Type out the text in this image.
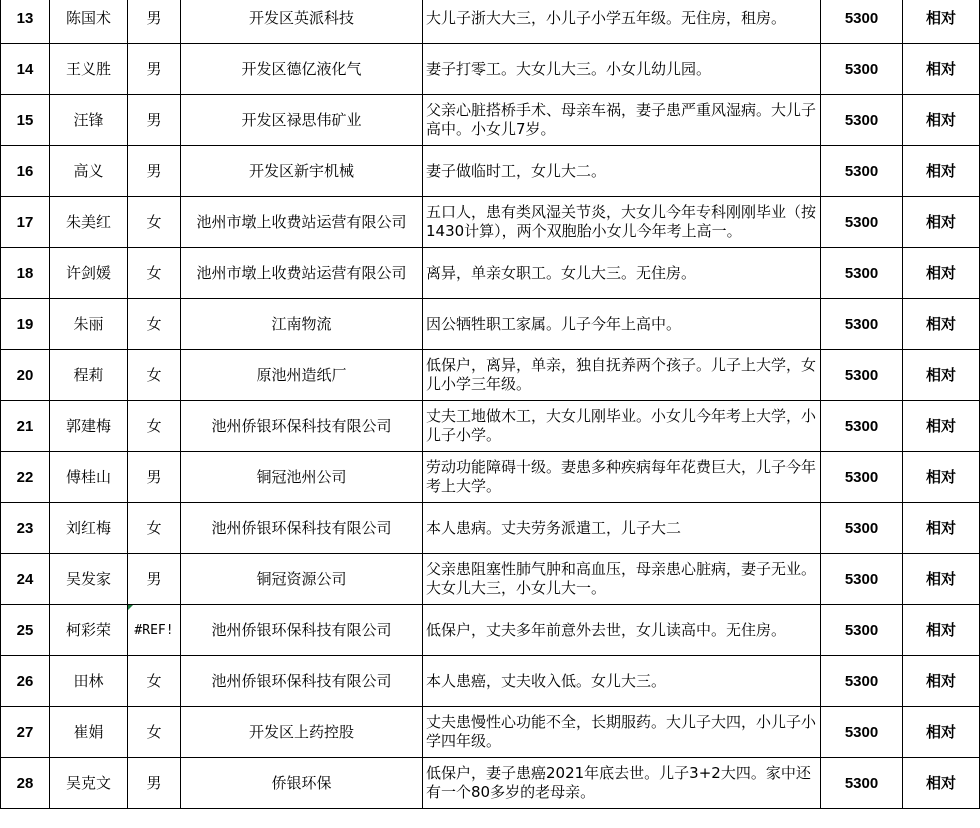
13	陈国术	男	开发区英派科技	大儿子浙大大三，小儿子小学五年级。无住房，租房。	5300	相对
14	王义胜	男	开发区德亿液化气	妻子打零工。大女儿大三。小女儿幼儿园。	5300	相对
15	汪锋	男	开发区禄思伟矿业	父亲心脏搭桥手术、母亲车祸，妻子患严重风湿病。大儿子高中。小女儿7岁。	5300	相对
16	高义	男	开发区新宇机械	妻子做临时工，女儿大二。	5300	相对
17	朱美红	女	池州市墩上收费站运营有限公司	五口人，患有类风湿关节炎，大女儿今年专科刚刚毕业（按1430计算），两个双胞胎小女儿今年考上高一。	5300	相对
18	许剑媛	女	池州市墩上收费站运营有限公司	离异，单亲女职工。女儿大三。无住房。	5300	相对
19	朱丽	女	江南物流	因公牺牲职工家属。儿子今年上高中。	5300	相对
20	程莉	女	原池州造纸厂	低保户，离异，单亲，独自抚养两个孩子。儿子上大学，女儿小学三年级。	5300	相对
21	郭建梅	女	池州侨银环保科技有限公司	丈夫工地做木工，大女儿刚毕业。小女儿今年考上大学，小儿子小学。	5300	相对
22	傅桂山	男	铜冠池州公司	劳动功能障碍十级。妻患多种疾病每年花费巨大，儿子今年考上大学。	5300	相对
23	刘红梅	女	池州侨银环保科技有限公司	本人患病。丈夫劳务派遣工，儿子大二	5300	相对
24	吴发家	男	铜冠资源公司	父亲患阻塞性肺气肿和高血压，母亲患心脏病，妻子无业。大女儿大三，小女儿大一。	5300	相对
25	柯彩荣	#REF!	池州侨银环保科技有限公司	低保户，丈夫多年前意外去世，女儿读高中。无住房。	5300	相对
26	田林	女	池州侨银环保科技有限公司	本人患癌，丈夫收入低。女儿大三。	5300	相对
27	崔娟	女	开发区上药控股	丈夫患慢性心功能不全，长期服药。大儿子大四，小儿子小学四年级。	5300	相对
28	吴克文	男	侨银环保	低保户，妻子患癌2021年底去世。儿子3+2大四。家中还有一个80多岁的老母亲。	5300	相对
